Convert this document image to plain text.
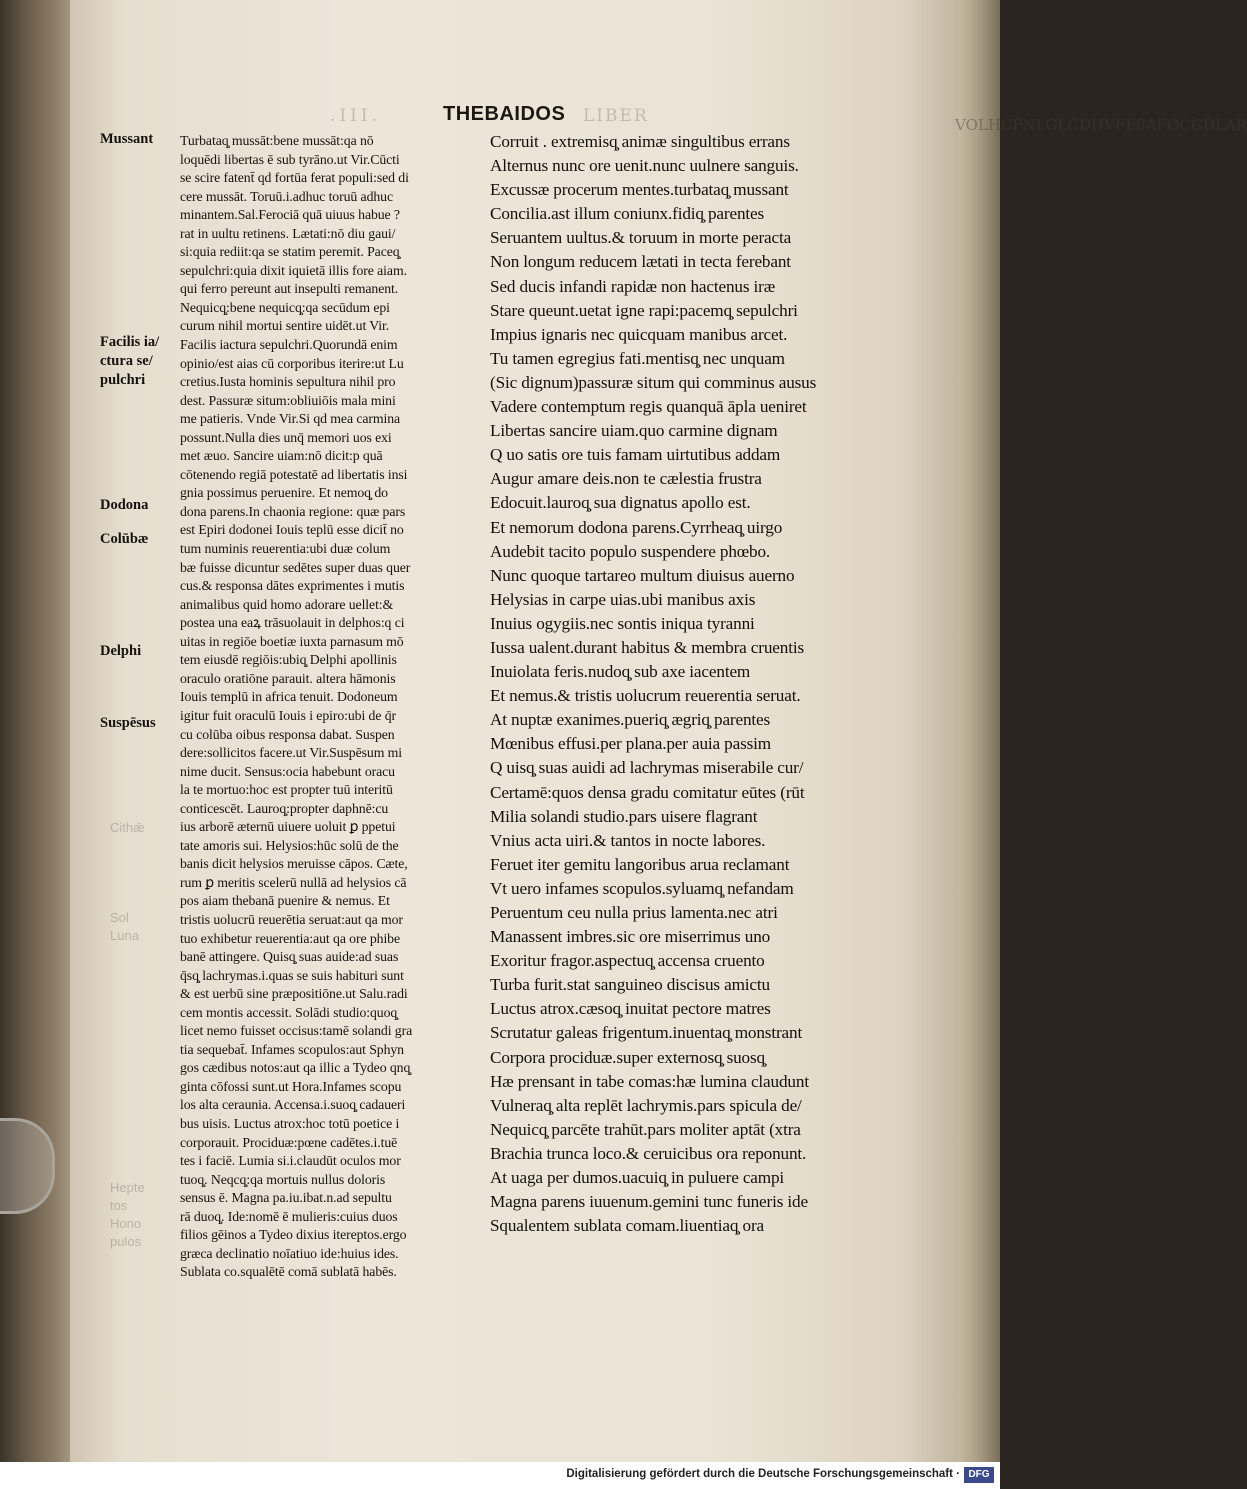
VOLHCPNLGLCDHVFE8AFOCGDLAR
.III.	THEBAIDOS LIBER
Mussant
Facilis ia/
ctura se/
pulchri
Dodona
Colūbæ
Delphi
Suspēsus
Cithǣ
Sol
Luna
Hepte
tos
Hono
pulos
Turbataq̧ mussāt:bene mussāt:qa nō
loquēdi libertas ē sub tyrāno.ut Vir.Cūcti
se scire fatent̄ qd fortūa ferat populi:sed di
cere mussāt. Toruū.i.adhuc toruū adhuc
minantem.Sal.Ferociā quā uiuus habue ?
rat in uultu retinens. Lætati:nō diu gaui/
si:quia rediit:qa se statim peremit. Paceq̧
sepulchri:quia dixit iquietā illis fore aiam.
qui ferro pereunt aut insepulti remanent.
Nequicq̧:bene nequicq̧:qa secūdum epi
curum nihil mortui sentire uidēt.ut Vir.
Facilis iactura sepulchri.Quorundā enim
opinio/est aias cū corporibus iterire:ut Lu
cretius.Iusta hominis sepultura nihil pro
dest. Passuræ situm:obliuiōis mala mini
me patieris. Vnde Vir.Si qd mea carmina
possunt.Nulla dies unq̄ memori uos exi
met æuo. Sancire uiam:nō dicit:p quā
cōtenendo regiā potestatē ad libertatis insi
gnia possimus peruenire. Et nemoq̧ do
dona parens.In chaonia regione: quæ pars
est Epiri dodonei Iouis teplū esse dicit̄ no
tum numinis reuerentia:ubi duæ colum
bæ fuisse dicuntur sedētes super duas quer
cus.& responsa dātes exprimentes i mutis
animalibus quid homo adorare uellet:&
postea una eaꝝ trāsuolauit in delphos:q ci
uitas in regiōe boetiæ iuxta parnasum mō
tem eiusdē regiōis:ubiq̧ Delphi apollinis
oraculo oratiōne parauit. altera hāmonis
Iouis templū in africa tenuit. Dodoneum
igitur fuit oraculū Iouis i epiro:ubi de q̄r
cu colūba oibus responsa dabat. Suspen
dere:sollicitos facere.ut Vir.Suspēsum mi
nime ducit. Sensus:ocia habebunt oracu
la te mortuo:hoc est propter tuū interitū
conticescēt. Lauroq̧:propter daphnē:cu
ius arborē æternū uiuere uoluit ꝑ ppetui
tate amoris sui. Helysios:hūc solū de the
banis dicit helysios meruisse cāpos. Cæte,
rum ꝑ meritis scelerū nullā ad helysios cā
pos aiam thebanā puenire & nemus. Et
tristis uolucrū reuerētia seruat:aut qa mor
tuo exhibetur reuerentia:aut qa ore phibe
banē attingere. Quisq̧ suas auide:ad suas
q̄sq̧ lachrymas.i.quas se suis habituri sunt
& est uerbū sine præpositiōne.ut Salu.radi
cem montis accessit. Solādi studio:quoq̧
licet nemo fuisset occisus:tamē solandi gra
tia sequebat̄. Infames scopulos:aut Sphyn
gos cædibus notos:aut qa illic a Tydeo qnq̧
ginta cōfossi sunt.ut Hora.Infames scopu
los alta ceraunia. Accensa.i.suoq̧ cadaueri
bus uisis. Luctus atrox:hoc totū poetice i
corporauit. Prociduæ:pœne cadētes.i.tuē
tes i faciē. Lumia si.i.claudūt oculos mor
tuoq̧. Neqcq̧:qa mortuis nullus doloris
sensus ē. Magna pa.iu.ibat.n.ad sepultu
rā duoq̧. Ide:nomē ē mulieris:cuius duos
filios gēinos a Tydeo dixius itereptos.ergo
grӕca declinatio noīatiuo ide:huius ides.
Sublata co.squalētē comā sublatā habēs.
Corruit . extremisq̧ animæ singultibus errans
Alternus nunc ore uenit.nunc uulnere sanguis.
Excussæ procerum mentes.turbataq̧ mussant
Concilia.ast illum coniunx.fidiq̧ parentes
Seruantem uultus.& toruum in morte peracta
Non longum reducem lætati in tecta ferebant
Sed ducis infandi rapidæ non hactenus iræ
Stare queunt.uetat igne rapi:pacemq̧ sepulchri
Impius ignaris nec quicquam manibus arcet.
Tu tamen egregius fati.mentisq̧ nec unquam
(Sic dignum)passuræ situm qui comminus ausus
Vadere contemptum regis quanquā āpla ueniret
Libertas sancire uiam.quo carmine dignam
Q uo satis ore tuis famam uirtutibus addam
Augur amare deis.non te cælestia frustra
Edocuit.lauroq̧ sua dignatus apollo est.
Et nemorum dodona parens.Cyrrheaq̧ uirgo
Audebit tacito populo suspendere phœbo.
Nunc quoque tartareo multum diuisus auerno
Helysias in carpe uias.ubi manibus axis
Inuius ogygiis.nec sontis iniqua tyranni
Iussa ualent.durant habitus & membra cruentis
Inuiolata feris.nudoq̧ sub axe iacentem
Et nemus.& tristis uolucrum reuerentia seruat.
At nuptæ exanimes.pueriq̧ ægriq̧ parentes
Mœnibus effusi.per plana.per auia passim
Q uisq̧ suas auidi ad lachrymas miserabile cur/
Certamē:quos densa gradu comitatur eūtes (rūt
Milia solandi studio.pars uisere flagrant
Vnius acta uiri.& tantos in nocte labores.
Feruet iter gemitu langoribus arua reclamant
Vt uero infames scopulos.syluamq̧ nefandam
Peruentum ceu nulla prius lamenta.nec atri
Manassent imbres.sic ore miserrimus uno
Exoritur fragor.aspectuq̧ accensa cruento
Turba furit.stat sanguineo discisus amictu
Luctus atrox.cæsoq̧ inuitat pectore matres
Scrutatur galeas frigentum.inuentaq̧ monstrant
Corpora prociduæ.super externosq̧ suosq̧
Hæ prensant in tabe comas:hæ lumina claudunt
Vulneraq̧ alta replēt lachrymis.pars spicula de/
Nequicq̧ parcēte trahūt.pars moliter aptāt (xtra
Brachia trunca loco.& ceruicibus ora reponunt.
At uaga per dumos.uacuiq̧ in puluere campi
Magna parens iuuenum.gemini tunc funeris ide
Squalentem sublata comam.liuentiaq̧ ora
Digitalisierung gefördert durch die Deutsche Forschungsgemeinschaft · DFG
